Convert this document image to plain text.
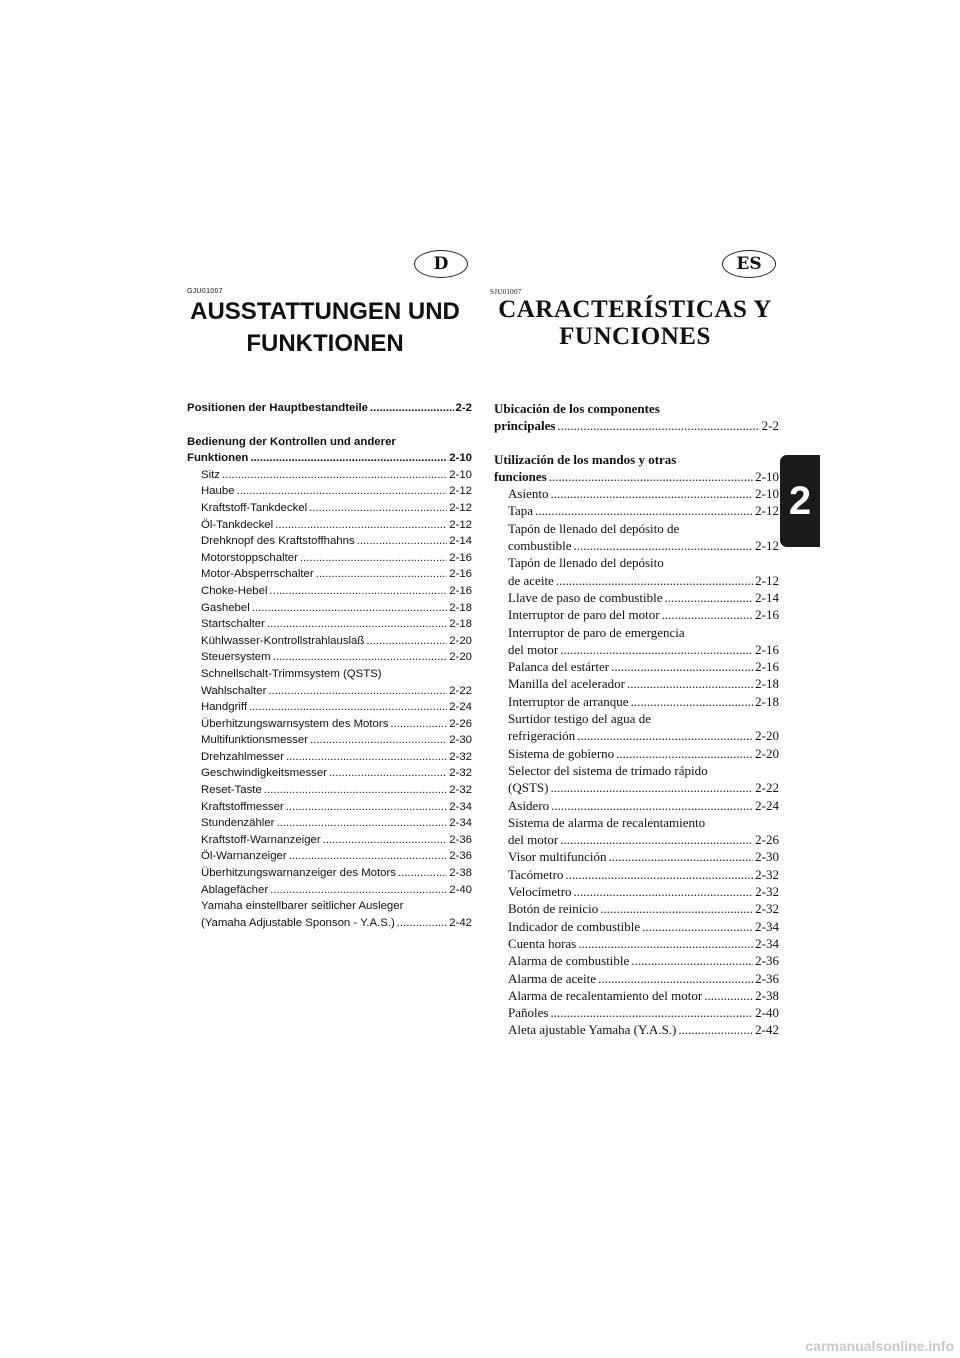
D	ES
GJU01007	SJU01007
AUSSTATTUNGEN UND
FUNKTIONEN
CARACTERÍSTICAS Y
FUNCIONES
Positionen der Hauptbestandteile .....	2-2
Bedienung der Kontrollen und anderer
Funktionen .....	2-10
Sitz .....	2-10
Haube .....	2-12
Kraftstoff-Tankdeckel .....	2-12
Öl-Tankdeckel .....	2-12
Drehknopf des Kraftstoffhahns .....	2-14
Motorstoppschalter .....	2-16
Motor-Absperrschalter .....	2-16
Choke-Hebel .....	2-16
Gashebel .....	2-18
Startschalter .....	2-18
Kühlwasser-Kontrollstrahlauslaß .....	2-20
Steuersystem .....	2-20
Schnellschalt-Trimmsystem (QSTS)
Wahlschalter .....	2-22
Handgriff .....	2-24
Überhitzungswarnsystem des Motors .....	2-26
Multifunktionsmesser .....	2-30
Drehzahlmesser .....	2-32
Geschwindigkeitsmesser .....	2-32
Reset-Taste .....	2-32
Kraftstoffmesser .....	2-34
Stundenzähler .....	2-34
Kraftstoff-Warnanzeiger .....	2-36
Öl-Warnanzeiger .....	2-36
Überhitzungswarnanzeiger des Motors .....	2-38
Ablagefächer .....	2-40
Yamaha einstellbarer seitlicher Ausleger
(Yamaha Adjustable Sponson - Y.A.S.) .....	2-42
Ubicación de los componentes
principales .....	2-2
Utilización de los mandos y otras
funciones .....	2-10
Asiento .....	2-10
Tapa .....	2-12
Tapón de llenado del depósito de
combustible .....	2-12
Tapón de llenado del depósito
de aceite .....	2-12
Llave de paso de combustible .....	2-14
Interruptor de paro del motor .....	2-16
Interruptor de paro de emergencia
del motor .....	2-16
Palanca del estárter .....	2-16
Manilla del acelerador .....	2-18
Interruptor de arranque .....	2-18
Surtidor testigo del agua de
refrigeración .....	2-20
Sistema de gobierno .....	2-20
Selector del sistema de trimado rápido
(QSTS) .....	2-22
Asidero .....	2-24
Sistema de alarma de recalentamiento
del motor .....	2-26
Visor multifunción .....	2-30
Tacómetro .....	2-32
Velocímetro .....	2-32
Botón de reinicio .....	2-32
Indicador de combustible .....	2-34
Cuenta horas .....	2-34
Alarma de combustible .....	2-36
Alarma de aceite .....	2-36
Alarma de recalentamiento del motor .....	2-38
Pañoles .....	2-40
Aleta ajustable Yamaha (Y.A.S.) .....	2-42
2
carmanualsonline.info
